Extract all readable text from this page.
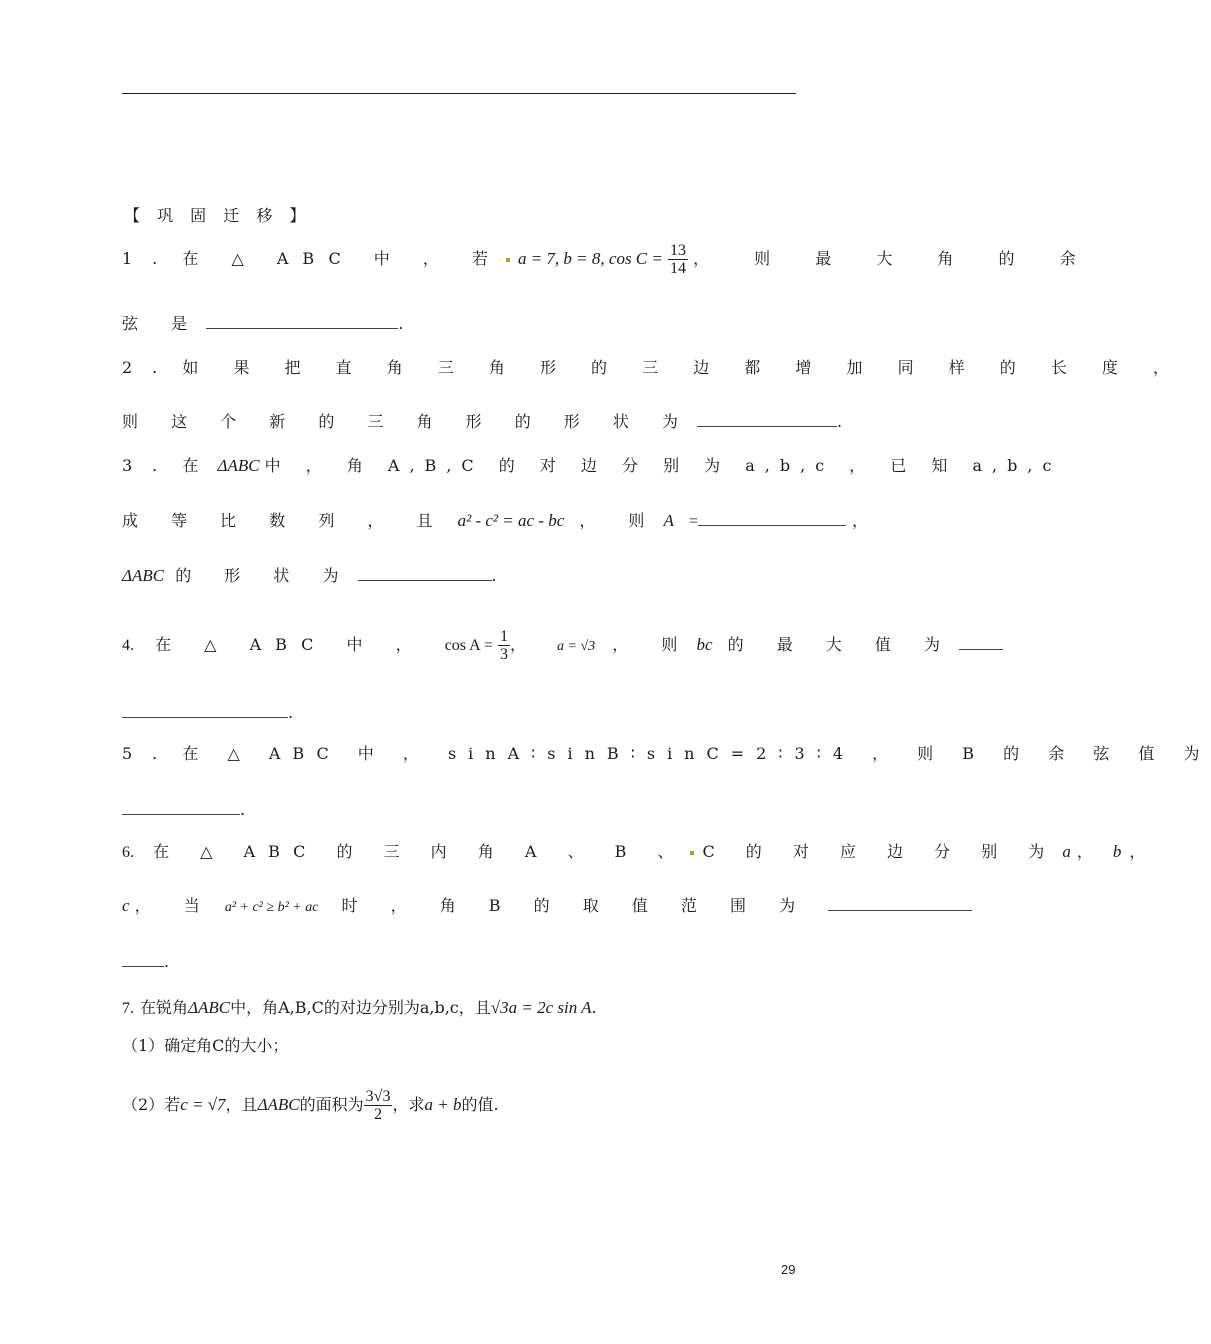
【 巩 固 迁 移 】
1. 在 △ ABC 中 ， 若 a = 7, b = 8, $\cos C = \frac{13}{14}$ ， 则 最 大 角 的 余
弦 是	.
2. 如 果 把 直 角 三 角 形 的 三 边 都 增 加 同 样 的 长 度 ，
则 这 个 新 的 三 角 形 的 形 状 为	.
3. 在 ΔABC 中 ， 角 A,B,C 的 对 边 分 别 为 a,b,c ， 已 知 a,b,c
成 等 比 数 列 ， 且 a² - c² = ac - bc ， 则 A =	，
ΔABC 的 形 状 为	.
4. 在 △ ABC 中 ， $\cos A = \frac{1}{3}$ ， a = √3 ， 则 bc 的 最 大 值 为
.
5. 在 △ ABC 中 ， sinA∶sinB∶sinC=2∶3∶4 ， 则 B 的 余 弦 值 为
.
6. 在 △ ABC 的 三 内 角 A 、 B 、 C 的 对 应 边 分 别 为 a ， b ，
c ， 当 a² + c² ≥ b² + ac 时 ， 角 B 的 取 值 范 围 为
.
7. 在锐角ΔABC中，角A,B,C的对边分别为a,b,c，且√3a = 2c sin A.
（1）确定角C的大小；
（2）若c = √7，且ΔABC的面积为 $\frac{3√3}{2}$ ，求a + b的值.
29
